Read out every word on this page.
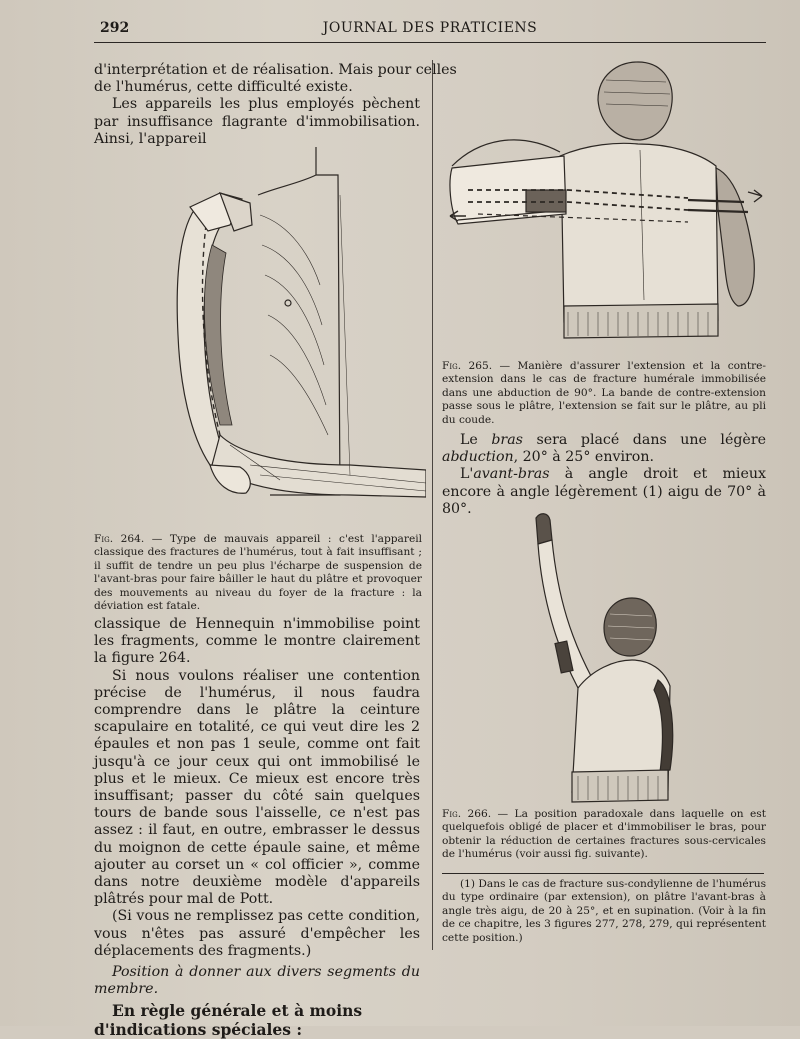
292	JOURNAL DES PRATICIENS

d'interprétation et de réalisation. Mais pour celles

de l'humérus, cette difficulté existe.

Les appareils les plus employés pèchent par insuffisance flagrante d'immobilisation. Ainsi, l'appareil

Fig. 264. — Type de mauvais appareil : c'est l'appareil classique des fractures de l'humérus, tout à fait insuffisant ; il suffit de tendre un peu plus l'écharpe de suspension de l'avant-bras pour faire bâiller le haut du plâtre et provoquer des mouvements au niveau du foyer de la fracture : la déviation est fatale.

classique de Hennequin n'immobilise point les fragments, comme le montre clairement la figure 264.

Si nous voulons réaliser une contention précise de l'humérus, il nous faudra comprendre dans le plâtre la ceinture scapulaire en totalité, ce qui veut dire les 2 épaules et non pas 1 seule, comme ont fait jusqu'à ce jour ceux qui ont immobilisé le plus et le mieux. Ce mieux est encore très insuffisant; passer du côté sain quelques tours de bande sous l'aisselle, ce n'est pas assez : il faut, en outre, embrasser le dessus du moignon de cette épaule saine, et même ajouter au corset un « col officier », comme dans notre deuxième modèle d'appareils plâtrés pour mal de Pott.

(Si vous ne remplissez pas cette condition, vous n'êtes pas assuré d'empêcher les déplacements des fragments.)

Position à donner aux divers segments du membre.

En règle générale et à moins d'indications spéciales :

Fig. 265. — Manière d'assurer l'extension et la contre-extension dans le cas de fracture humérale immobilisée dans une abduction de 90°. La bande de contre-extension passe sous le plâtre, l'extension se fait sur le plâtre, au pli du coude.

Le bras sera placé dans une légère abduction, 20° à 25° environ.

L'avant-bras à angle droit et mieux encore à angle légèrement (1) aigu de 70° à 80°.

Fig. 266. — La position paradoxale dans laquelle on est quelquefois obligé de placer et d'immobiliser le bras, pour obtenir la réduction de certaines fractures sous-cervicales de l'humérus (voir aussi fig. suivante).

(1) Dans le cas de fracture sus-condylienne de l'humérus du type ordinaire (par extension), on plâtre l'avant-bras à angle très aigu, de 20 à 25°, et en supination. (Voir à la fin de ce chapitre, les 3 figures 277, 278, 279, qui représentent cette position.)
